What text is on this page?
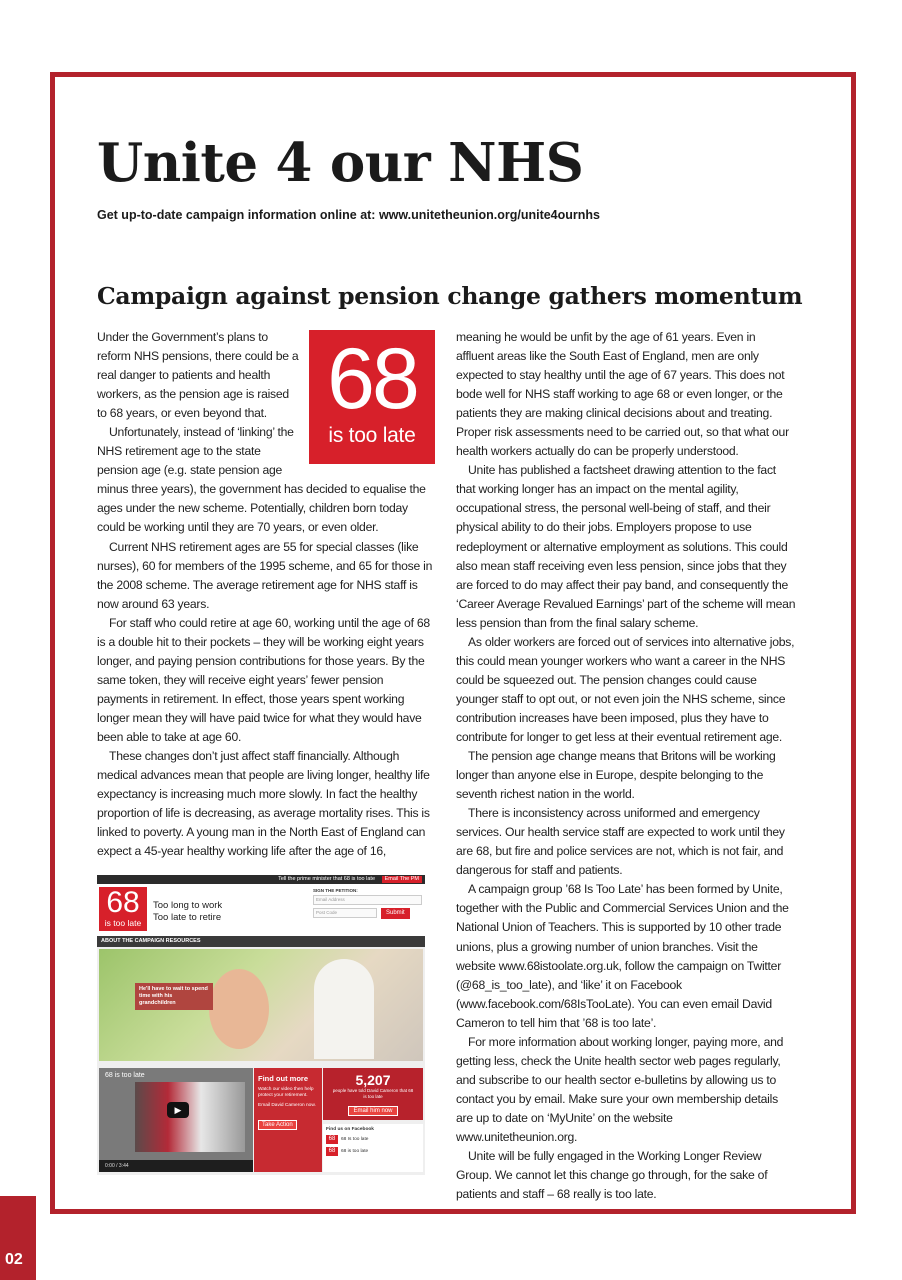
Unite 4 our NHS
Get up-to-date campaign information online at: www.unitetheunion.org/unite4ournhs
Campaign against pension change gathers momentum
68
is too late

Under the Government’s plans to reform NHS pensions, there could be a real danger to patients and health workers, as the pension age is raised to 68 years, or even beyond that.

Unfortunately, instead of ‘linking’ the NHS retirement age to the state pension age (e.g. state pension age minus three years), the government has decided to equalise the ages under the new scheme. Potentially, children born today could be working until they are 70 years, or even older.

Current NHS retirement ages are 55 for special classes (like nurses), 60 for members of the 1995 scheme, and 65 for those in the 2008 scheme. The average retirement age for NHS staff is now around 63 years.

For staff who could retire at age 60, working until the age of 68 is a double hit to their pockets – they will be working eight years longer, and paying pension contributions for those years. By the same token, they will receive eight years’ fewer pension payments in retirement. In effect, those years spent working longer mean they will have paid twice for what they would have been able to take at age 60.

These changes don’t just affect staff financially. Although medical advances mean that people are living longer, healthy life expectancy is increasing much more slowly. In fact the healthy proportion of life is decreasing, as average mortality rises. This is linked to poverty. A young man in the North East of England can expect a 45-year healthy working life after the age of 16,

meaning he would be unfit by the age of 61 years. Even in affluent areas like the South East of England, men are only expected to stay healthy until the age of 67 years. This does not bode well for NHS staff working to age 68 or even longer, or the patients they are making clinical decisions about and treating. Proper risk assessments need to be carried out, so that what our health workers actually do can be properly understood.

Unite has published a factsheet drawing attention to the fact that working longer has an impact on the mental agility, occupational stress, the personal well-being of staff, and their physical ability to do their jobs. Employers propose to use redeployment or alternative employment as solutions. This could also mean staff receiving even less pension, since jobs that they are forced to do may affect their pay band, and consequently the ‘Career Average Revalued Earnings’ part of the scheme will mean less pension than from the final salary scheme.

As older workers are forced out of services into alternative jobs, this could mean younger workers who want a career in the NHS could be squeezed out. The pension changes could cause younger staff to opt out, or not even join the NHS scheme, since contribution increases have been imposed, plus they have to contribute for longer to get less at their eventual retirement age.

The pension age change means that Britons will be working longer than anyone else in Europe, despite belonging to the seventh richest nation in the world.

There is inconsistency across uniformed and emergency services. Our health service staff are expected to work until they are 68, but fire and police services are not, which is not fair, and dangerous for staff and patients.

A campaign group ’68 Is Too Late’ has been formed by Unite, together with the Public and Commercial Services Union and the National Union of Teachers. This is supported by 10 other trade unions, plus a growing number of union branches. Visit the website www.68istoolate.org.uk, follow the campaign on Twitter (@68_is_too_late), and ‘like’ it on Facebook (www.facebook.com/68IsTooLate). You can even email David Cameron to tell him that ’68 is too late’.

For more information about working longer, paying more, and getting less, check the Unite health sector web pages regularly, and subscribe to our health sector e-bulletins by allowing us to contact you by email. Make sure your own membership details are up to date on ‘MyUnite’ on the website www.unitetheunion.org.

Unite will be fully engaged in the Working Longer Review Group. We cannot let this change go through, for the sake of patients and staff – 68 really is too late.

Tell the prime minister that 68 is too late	Email The PM
68
is too late
Too long to work
Too late to retire
SIGN THE PETITION:
Email Address
Post Code	Submit
ABOUT THE CAMPAIGN RESOURCES
He'll have to wait to spend time with his grandchildren
68 is too late
▶
0:00 / 3:44
Find out more
Watch our video then help protect your retirement.
Email David Cameron now.
Take Action
5,207
people have told David Cameron that 68 is too late
Email him now
Find us on Facebook
68	68 Is too late
68	68 is too late
02
